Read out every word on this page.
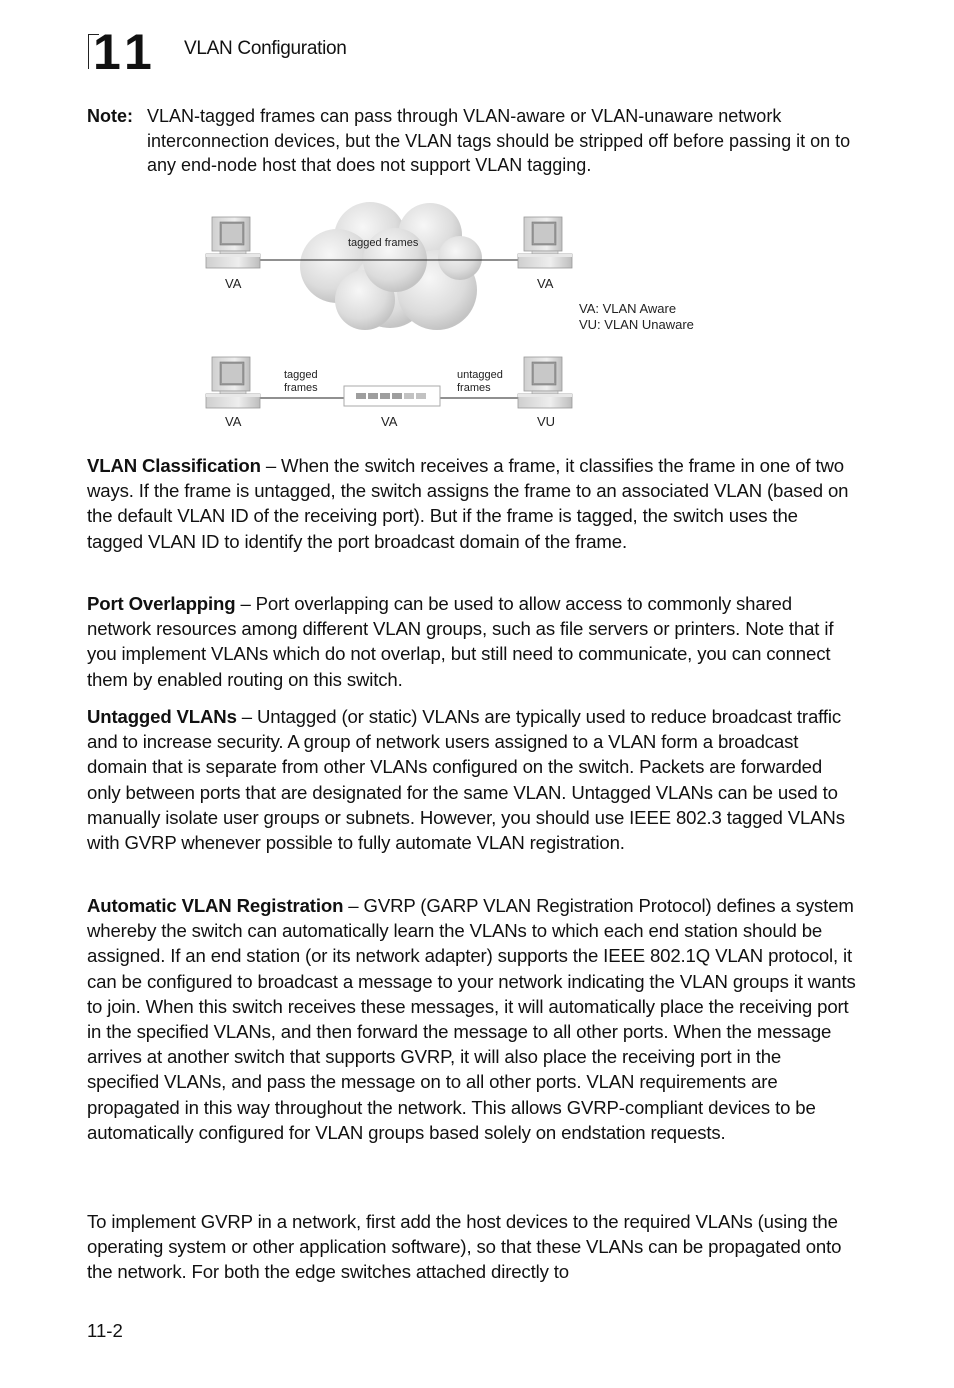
11 VLAN Configuration
Note: VLAN-tagged frames can pass through VLAN-aware or VLAN-unaware network interconnection devices, but the VLAN tags should be stripped off before passing it on to any end-node host that does not support VLAN tagging.
tagged frames
VA	VA
VA: VLAN Aware
VU: VLAN Unaware
tagged
frames
untagged
frames
VA	VA	VU
VLAN Classification – When the switch receives a frame, it classifies the frame in one of two ways. If the frame is untagged, the switch assigns the frame to an associated VLAN (based on the default VLAN ID of the receiving port). But if the frame is tagged, the switch uses the tagged VLAN ID to identify the port broadcast domain of the frame.
Port Overlapping – Port overlapping can be used to allow access to commonly shared network resources among different VLAN groups, such as file servers or printers. Note that if you implement VLANs which do not overlap, but still need to communicate, you can connect them by enabled routing on this switch.
Untagged VLANs – Untagged (or static) VLANs are typically used to reduce broadcast traffic and to increase security. A group of network users assigned to a VLAN form a broadcast domain that is separate from other VLANs configured on the switch. Packets are forwarded only between ports that are designated for the same VLAN. Untagged VLANs can be used to manually isolate user groups or subnets. However, you should use IEEE 802.3 tagged VLANs with GVRP whenever possible to fully automate VLAN registration.
Automatic VLAN Registration – GVRP (GARP VLAN Registration Protocol) defines a system whereby the switch can automatically learn the VLANs to which each end station should be assigned. If an end station (or its network adapter) supports the IEEE 802.1Q VLAN protocol, it can be configured to broadcast a message to your network indicating the VLAN groups it wants to join. When this switch receives these messages, it will automatically place the receiving port in the specified VLANs, and then forward the message to all other ports. When the message arrives at another switch that supports GVRP, it will also place the receiving port in the specified VLANs, and pass the message on to all other ports. VLAN requirements are propagated in this way throughout the network. This allows GVRP-compliant devices to be automatically configured for VLAN groups based solely on endstation requests.
To implement GVRP in a network, first add the host devices to the required VLANs (using the operating system or other application software), so that these VLANs can be propagated onto the network. For both the edge switches attached directly to
11-2
